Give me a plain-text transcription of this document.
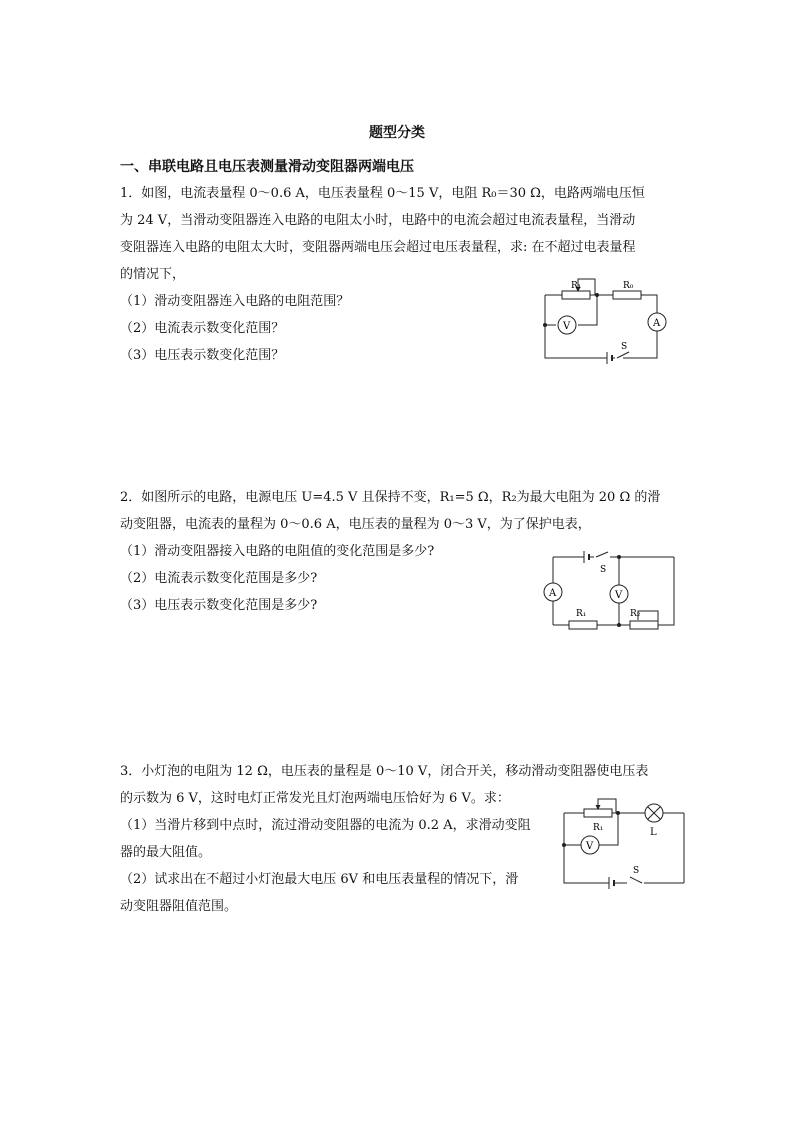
题型分类
一、串联电路且电压表测量滑动变阻器两端电压
1．如图，电流表量程 0～0.6 A，电压表量程 0～15 V，电阻 R₀＝30 Ω，电路两端电压恒
为 24 V，当滑动变阻器连入电路的电阻太小时，电路中的电流会超过电流表量程，当滑动
变阻器连入电路的电阻太大时，变阻器两端电压会超过电压表量程，求: 在不超过电表量程
的情况下，
（1）滑动变阻器连入电路的电阻范围？
（2）电流表示数变化范围？
（3）电压表示数变化范围？
R₁	R₀
V	A
S
2．如图所示的电路，电源电压 U=4.5 V 且保持不变，R₁=5 Ω，R₂为最大电阻为 20 Ω 的滑
动变阻器，电流表的量程为 0～0.6 A，电压表的量程为 0～3 V，为了保护电表，
（1）滑动变阻器接入电路的电阻值的变化范围是多少?
（2）电流表示数变化范围是多少?
（3）电压表示数变化范围是多少?
S
A	V
R₁	R₂
3．小灯泡的电阻为 12 Ω，电压表的量程是 0～10 V，闭合开关，移动滑动变阻器使电压表
的示数为 6 V，这时电灯正常发光且灯泡两端电压恰好为 6 V。求：
（1）当滑片移到中点时，流过滑动变阻器的电流为 0.2 A，求滑动变阻
器的最大阻值。
（2）试求出在不超过小灯泡最大电压 6V 和电压表量程的情况下，滑
动变阻器阻值范围。
R₁	L
V
S
